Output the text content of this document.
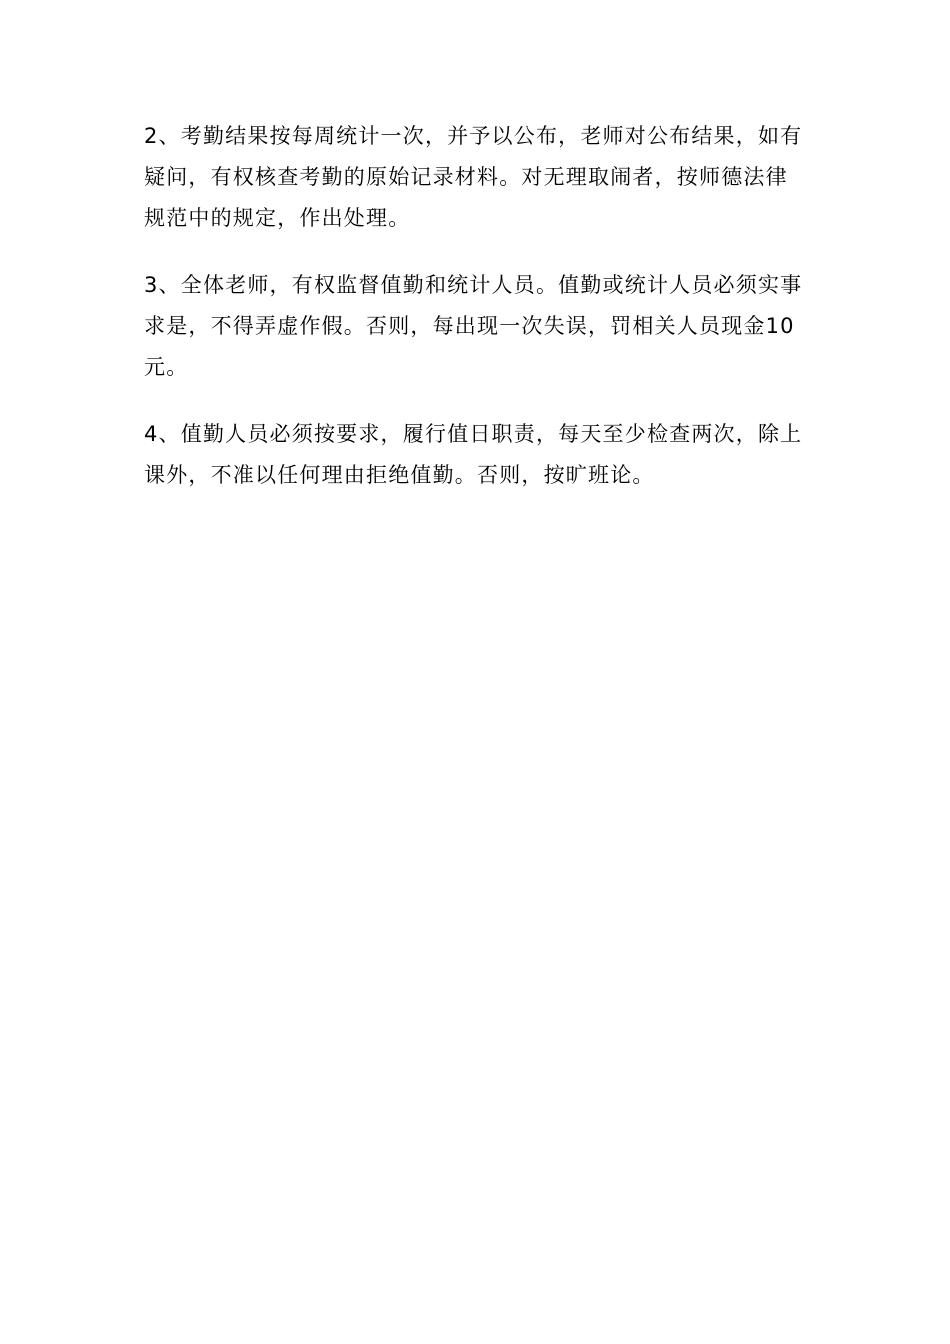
2、考勤结果按每周统计一次，并予以公布，老师对公布结果，如有
疑问，有权核查考勤的原始记录材料。对无理取闹者，按师德法律
规范中的规定，作出处理。

3、全体老师，有权监督值勤和统计人员。值勤或统计人员必须实事
求是，不得弄虚作假。否则，每出现一次失误，罚相关人员现金10
元。

4、值勤人员必须按要求，履行值日职责，每天至少检查两次，除上
课外，不准以任何理由拒绝值勤。否则，按旷班论。
